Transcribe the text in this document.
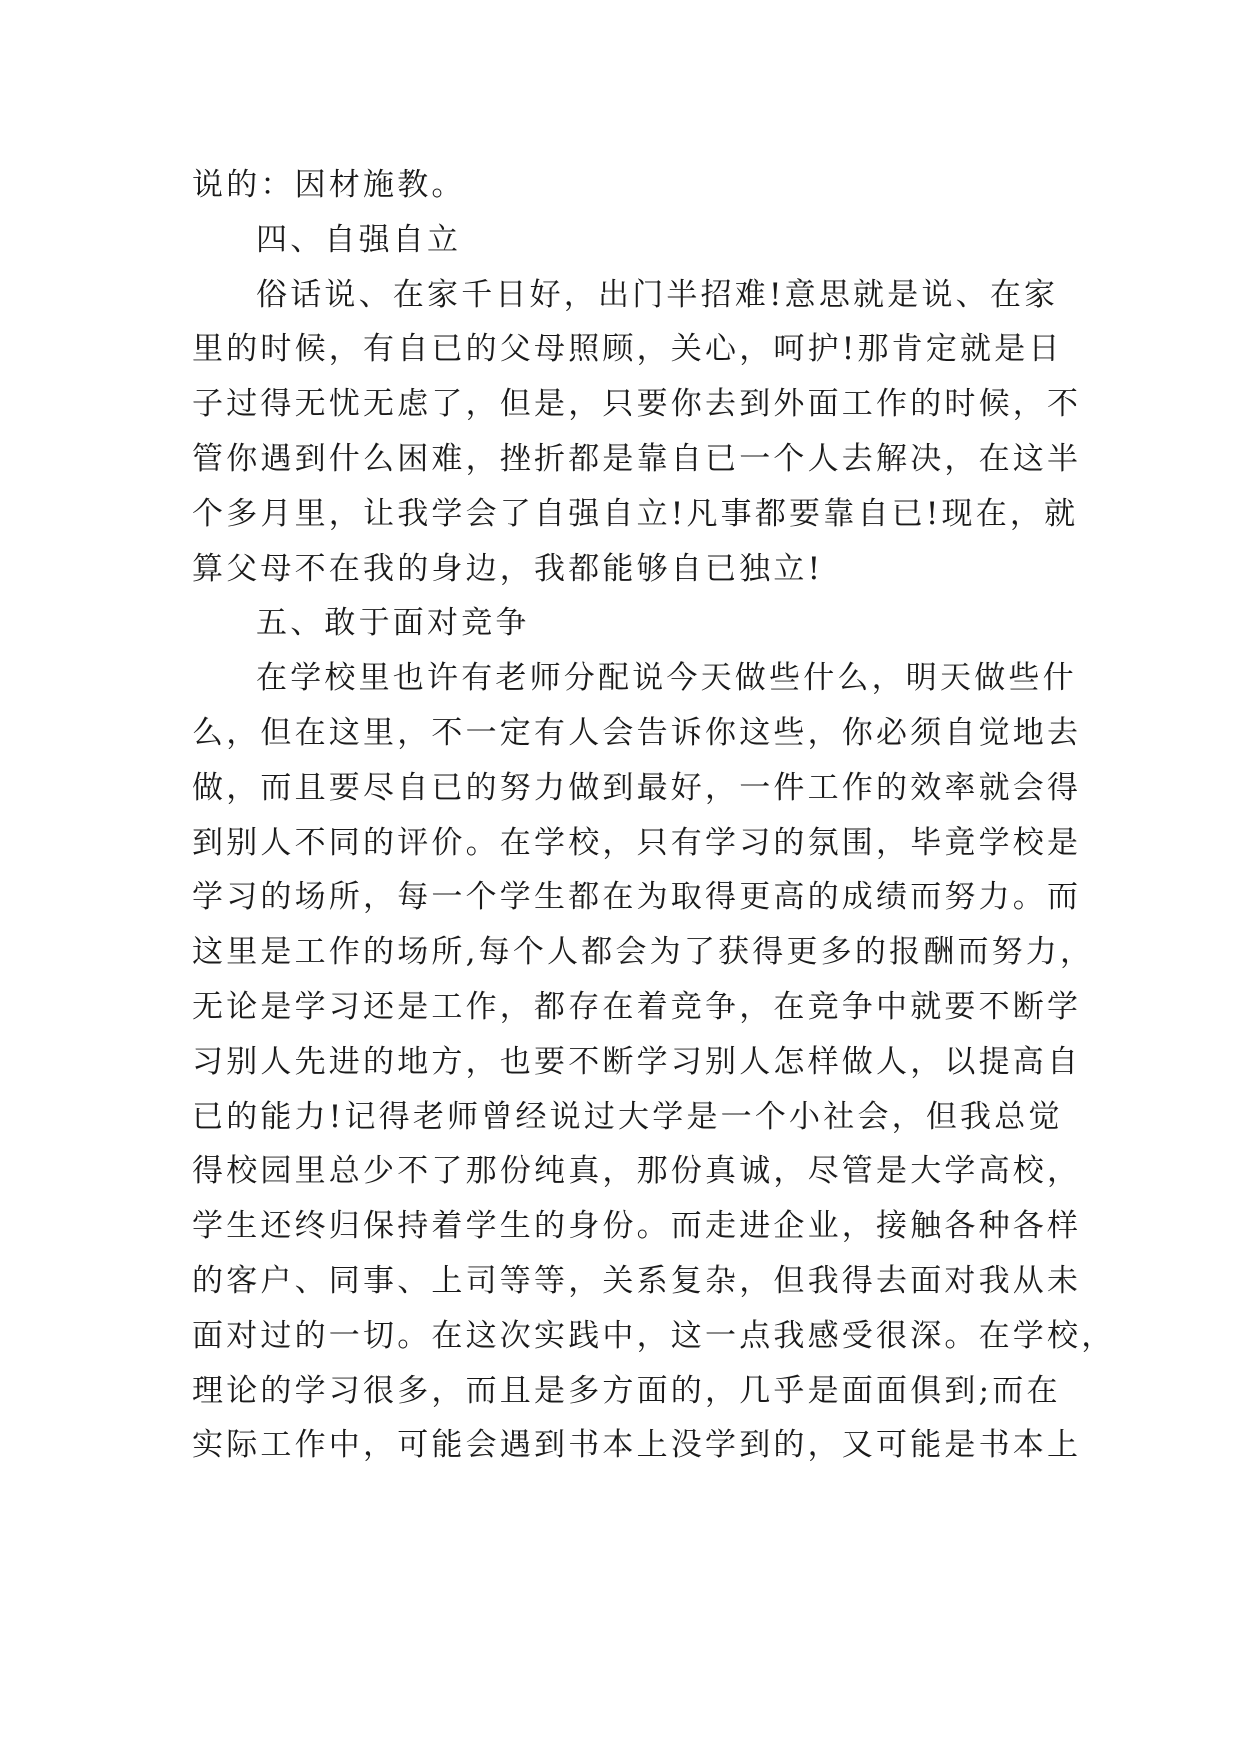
说的：因材施教。
四、自强自立
俗话说、在家千日好，出门半招难!意思就是说、在家
里的时候，有自已的父母照顾，关心，呵护!那肯定就是日
子过得无忧无虑了，但是，只要你去到外面工作的时候，不
管你遇到什么困难，挫折都是靠自已一个人去解决，在这半
个多月里，让我学会了自强自立!凡事都要靠自已!现在，就
算父母不在我的身边，我都能够自已独立!
五、敢于面对竞争
在学校里也许有老师分配说今天做些什么，明天做些什
么，但在这里，不一定有人会告诉你这些，你必须自觉地去
做，而且要尽自已的努力做到最好，一件工作的效率就会得
到别人不同的评价。在学校，只有学习的氛围，毕竟学校是
学习的场所，每一个学生都在为取得更高的成绩而努力。而
这里是工作的场所,每个人都会为了获得更多的报酬而努力，
无论是学习还是工作，都存在着竞争，在竞争中就要不断学
习别人先进的地方，也要不断学习别人怎样做人，以提高自
已的能力!记得老师曾经说过大学是一个小社会，但我总觉
得校园里总少不了那份纯真，那份真诚，尽管是大学高校，
学生还终归保持着学生的身份。而走进企业，接触各种各样
的客户、同事、上司等等，关系复杂，但我得去面对我从未
面对过的一切。在这次实践中，这一点我感受很深。在学校，
理论的学习很多，而且是多方面的，几乎是面面俱到;而在
实际工作中，可能会遇到书本上没学到的，又可能是书本上
